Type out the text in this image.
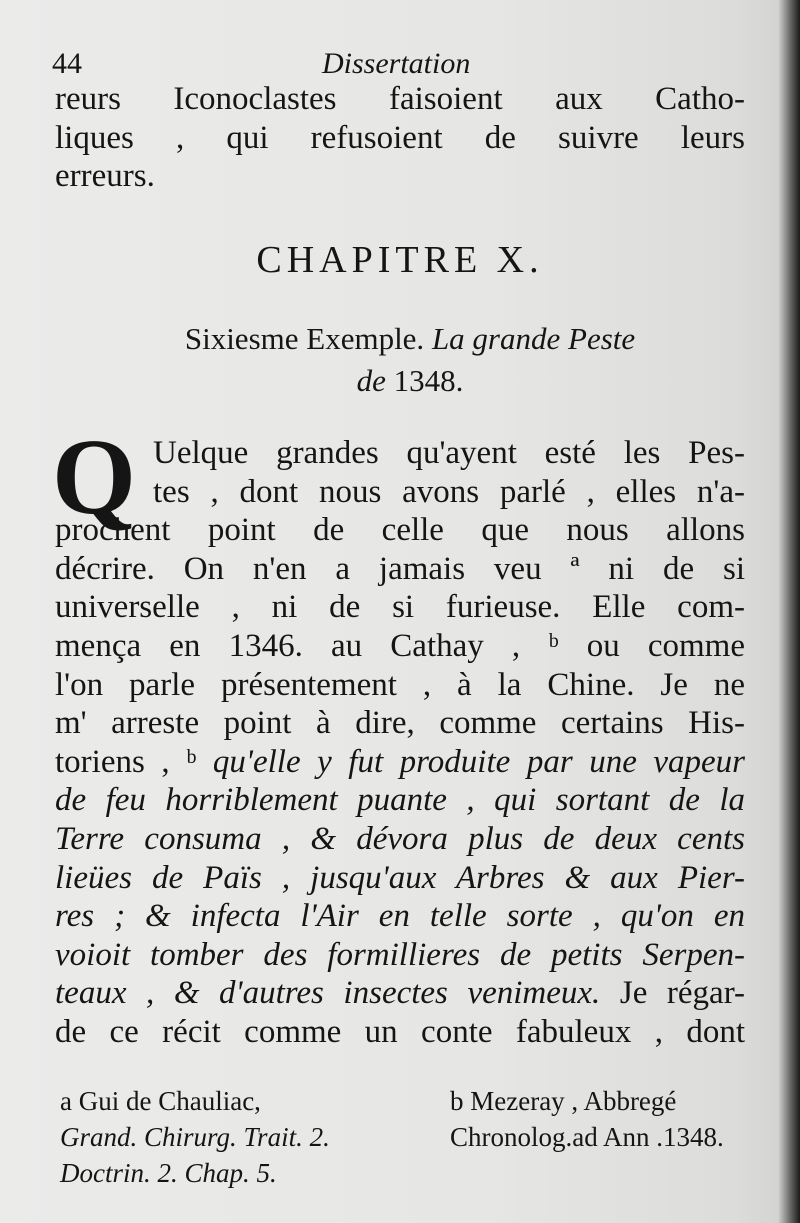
44	Dissertation
reurs Iconoclastes faisoient aux Catho-
liques , qui refusoient de suivre leurs
erreurs.
CHAPITRE X.
Sixiesme Exemple. La grande Peste
de 1348.
Q Uelque grandes qu'ayent esté les Pes-
tes , dont nous avons parlé , elles n'a-
prochent point de celle que nous allons
décrire. On n'en a jamais veu ª ni de si
universelle , ni de si furieuse. Elle com-
mença en 1346. au Cathay , ᵇ ou comme
l'on parle présentement , à la Chine. Je ne
m' arreste point à dire, comme certains His-
toriens , ᵇ qu'elle y fut produite par une vapeur
de feu horriblement puante , qui sortant de la
Terre consuma , & dévora plus de deux cents
lieües de Païs , jusqu'aux Arbres & aux Pier-
res ; & infecta l'Air en telle sorte , qu'on en
voioit tomber des formillieres de petits Serpen-
teaux , & d'autres insectes venimeux. Je régar-
de ce récit comme un conte fabuleux , dont
a Gui de Chauliac,	b Mezeray , Abbregé
Grand. Chirurg. Trait. 2.	Chronolog.ad Ann .1348.
Doctrin. 2. Chap. 5.
